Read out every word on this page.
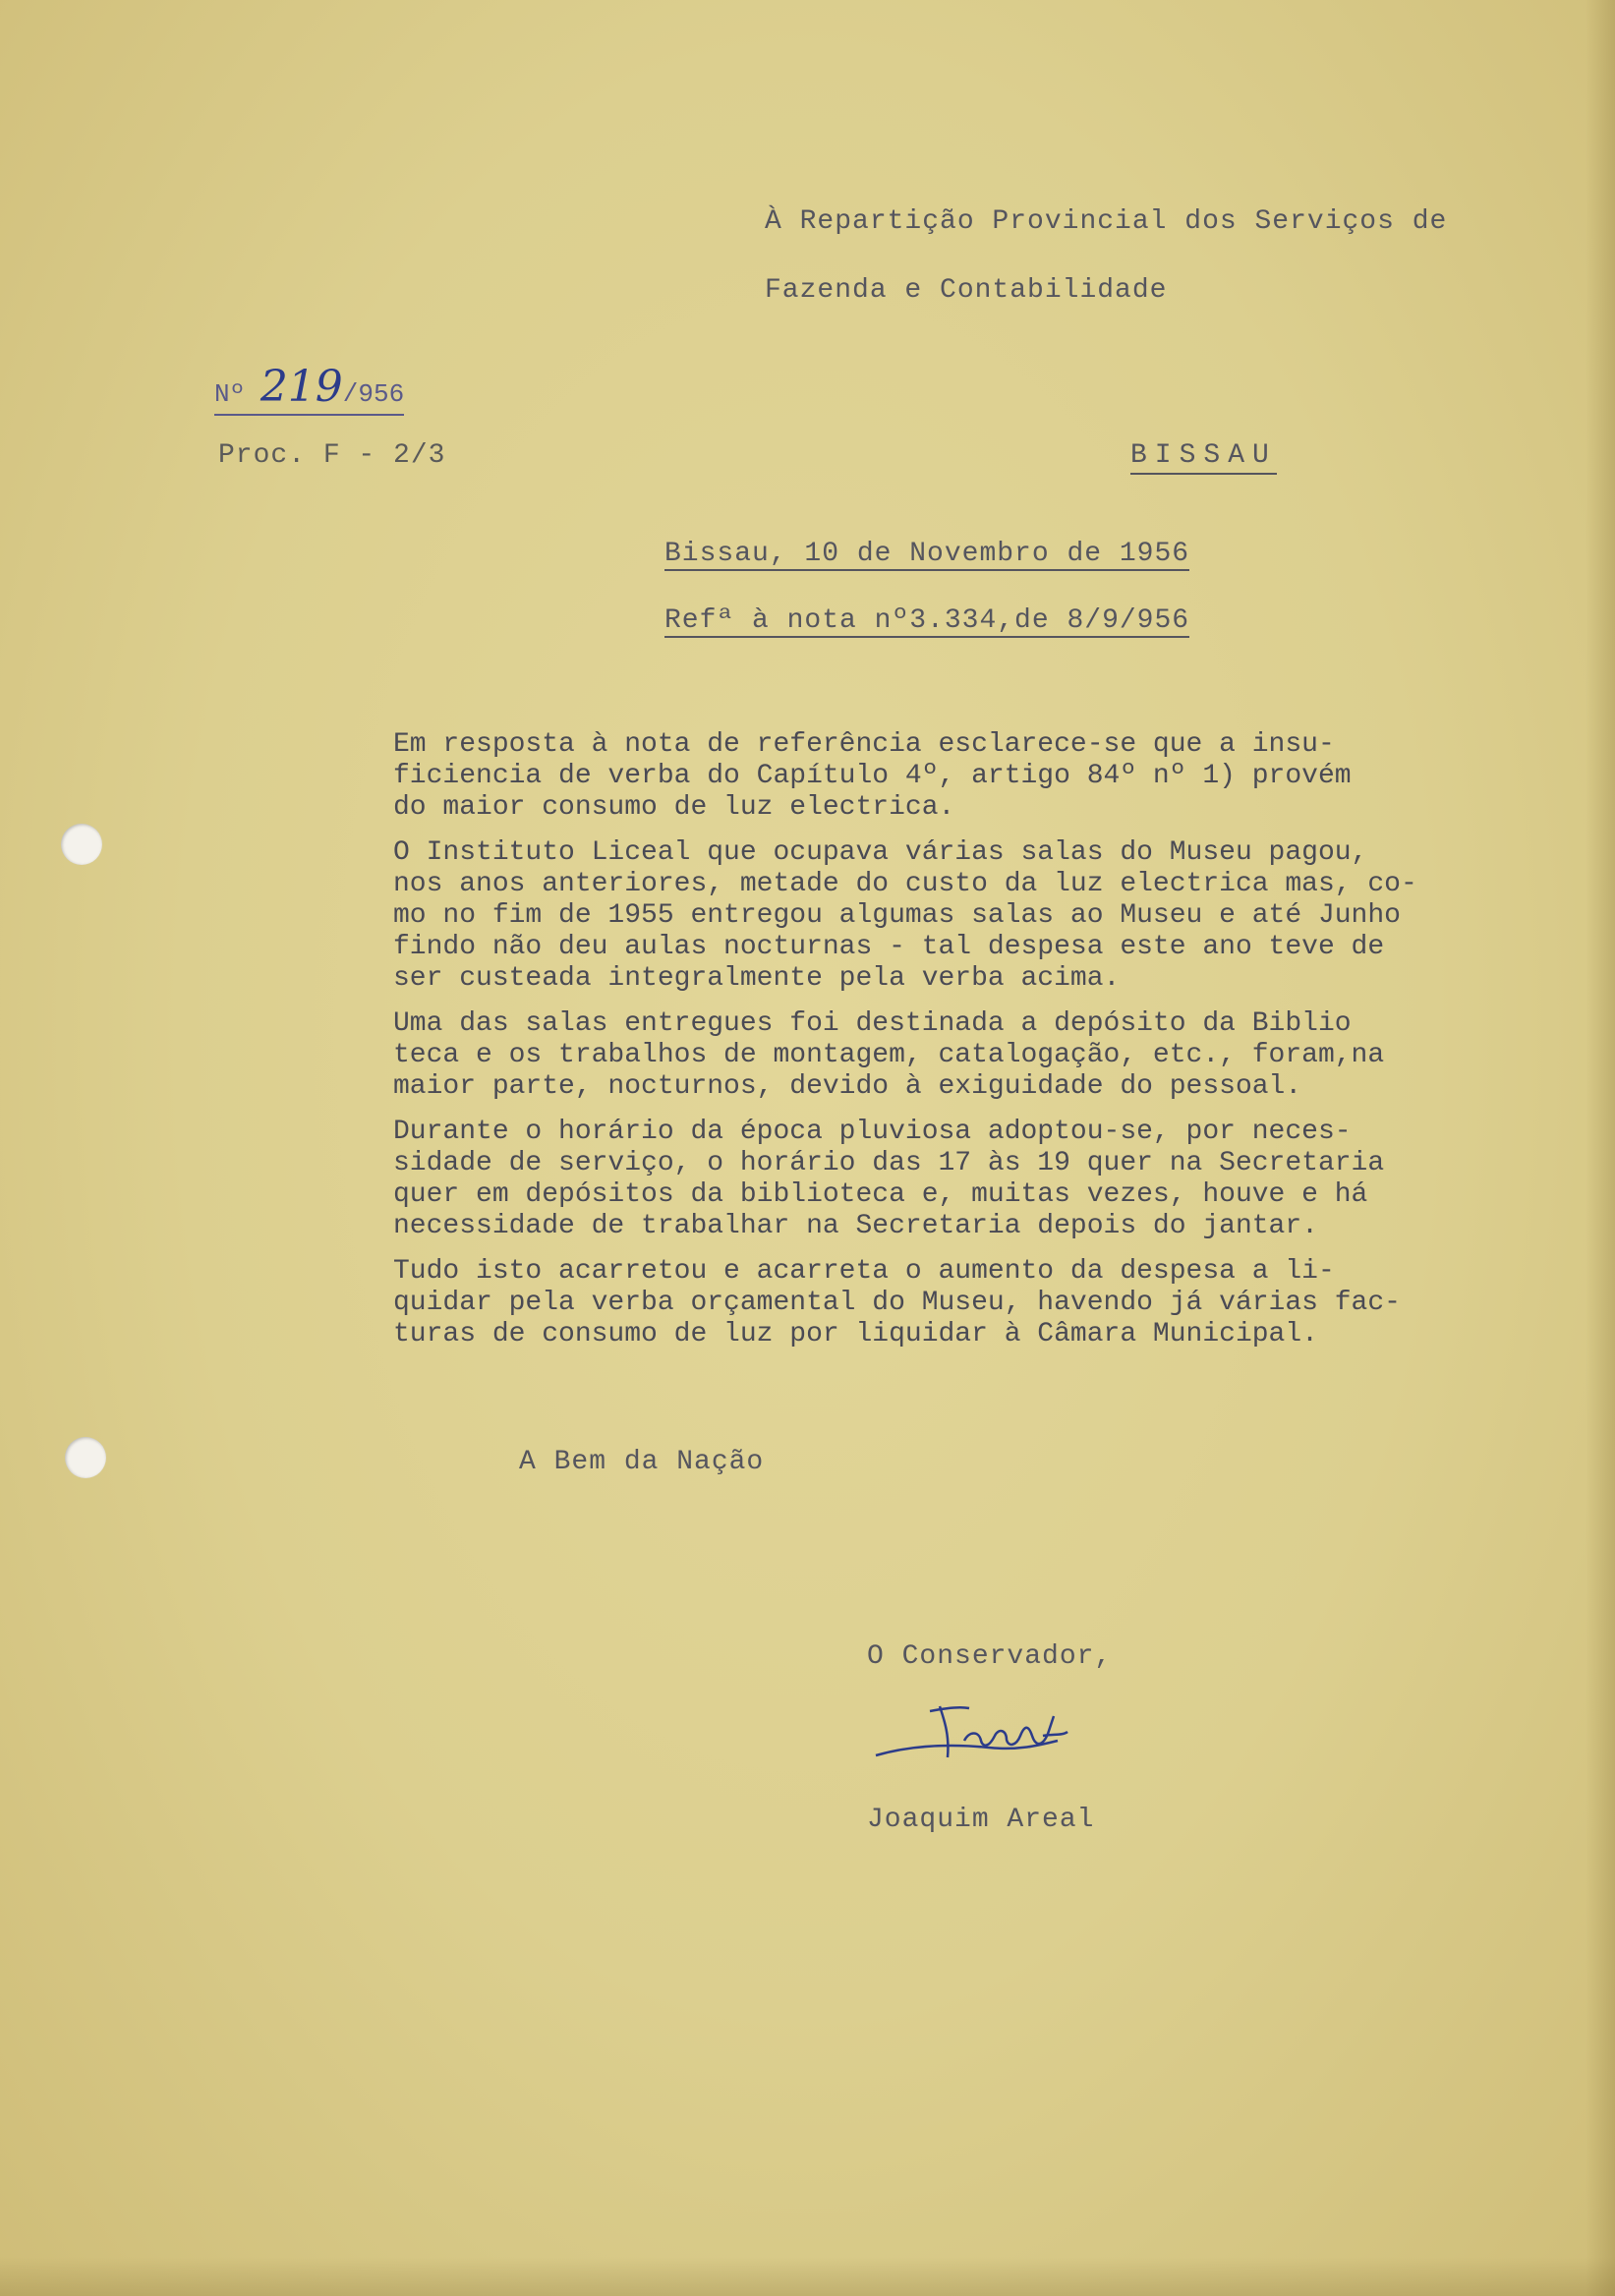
À Repartição Provincial dos Serviços de
Fazenda e Contabilidade
Nº 219/956
Proc. F - 2/3	BISSAU
Bissau, 10 de Novembro de 1956
Refª à nota nº3.334,de 8/9/956

Em resposta à nota de referência esclarece-se que a insu-
ficiencia de verba do Capítulo 4º, artigo 84º nº 1) provém
do maior consumo de luz electrica.

O Instituto Liceal que ocupava várias salas do Museu pagou,
nos anos anteriores, metade do custo da luz electrica mas, co-
mo no fim de 1955 entregou algumas salas ao Museu e até Junho
findo não deu aulas nocturnas - tal despesa este ano teve de
ser custeada integralmente pela verba acima.

Uma das salas entregues foi destinada a depósito da Biblio
teca e os trabalhos de montagem, catalogação, etc., foram,na
maior parte, nocturnos, devido à exiguidade do pessoal.

Durante o horário da época pluviosa adoptou-se, por neces-
sidade de serviço, o horário das 17 às 19 quer na Secretaria
quer em depósitos da biblioteca e, muitas vezes, houve e há
necessidade de trabalhar na Secretaria depois do jantar.

Tudo isto acarretou e acarreta o aumento da despesa a li-
quidar pela verba orçamental do Museu, havendo já várias fac-
turas de consumo de luz por liquidar à Câmara Municipal.

A Bem da Nação
O Conservador,
Joaquim Areal
